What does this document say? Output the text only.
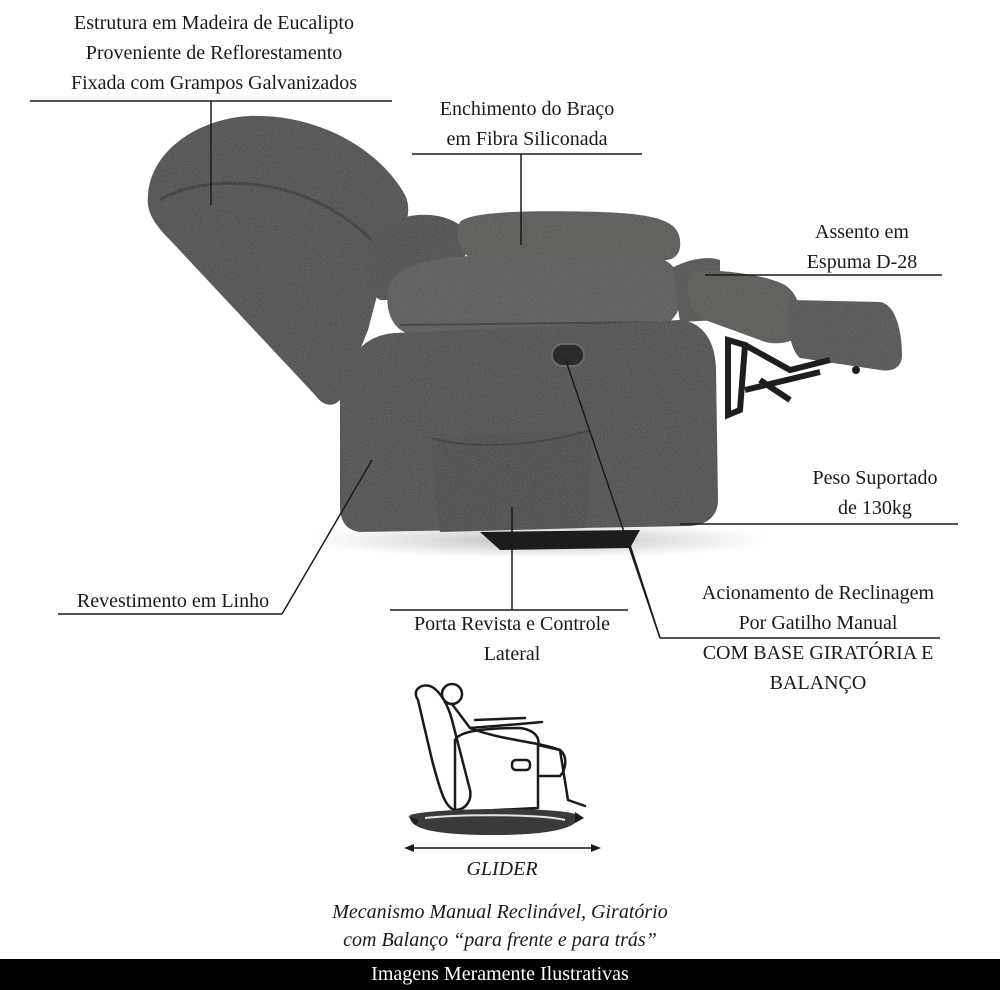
Estrutura em Madeira de Eucalipto
Proveniente de Reflorestamento
Fixada com Grampos Galvanizados
Enchimento do Braço
em Fibra Siliconada
Assento em
Espuma D-28
Peso Suportado
de 130kg
Revestimento em Linho
Porta Revista e Controle
Lateral
Acionamento de Reclinagem
Por Gatilho Manual
COM BASE GIRATÓRIA E
BALANÇO
GLIDER
Mecanismo Manual Reclinável, Giratório
com Balanço “para frente e para trás”
Imagens Meramente Ilustrativas
